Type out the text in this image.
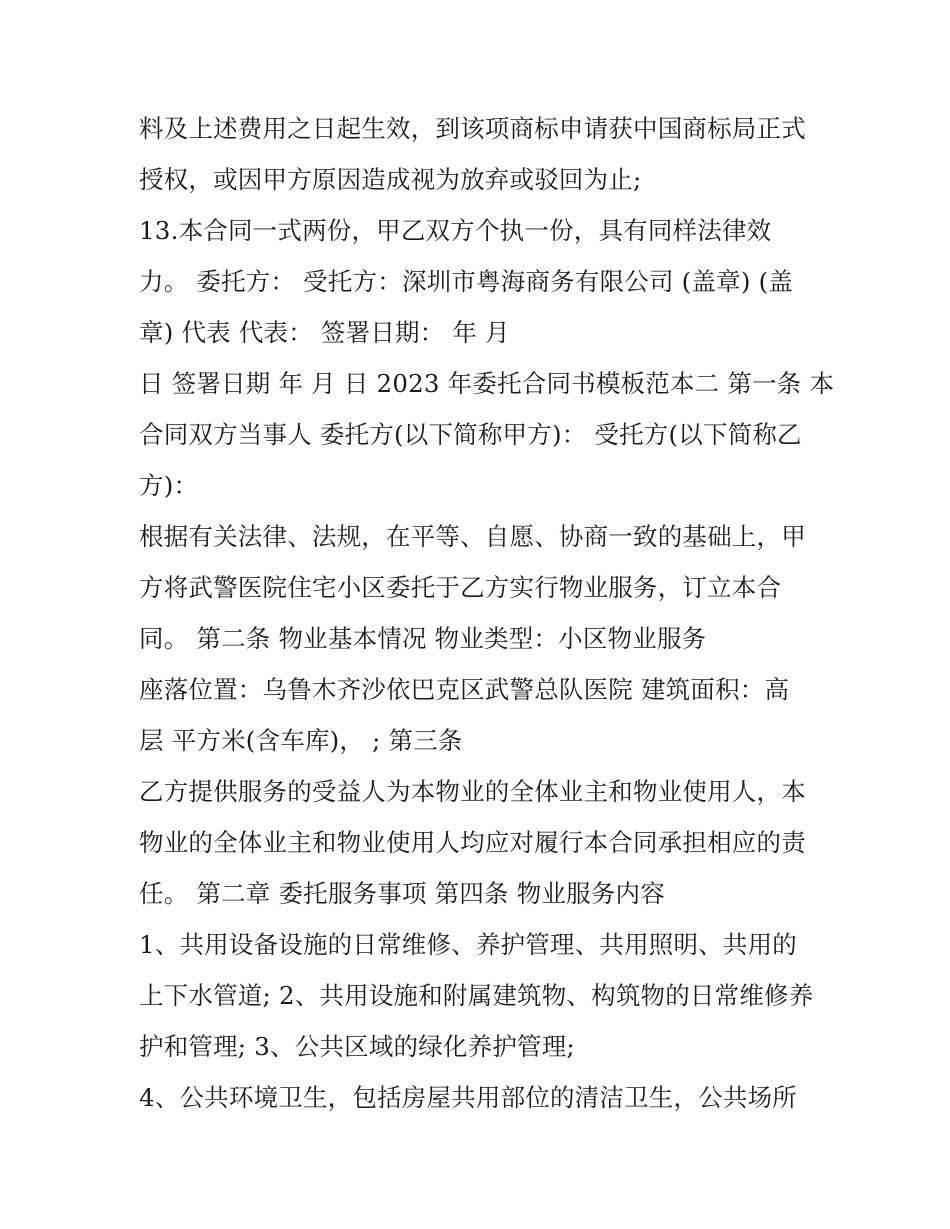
料及上述费用之日起生效，到该项商标申请获中国商标局正式
授权，或因甲方原因造成视为放弃或驳回为止;
13.本合同一式两份，甲乙双方个执一份，具有同样法律效
力。 委托方： 受托方：深圳市粤海商务有限公司 (盖章) (盖
章) 代表 代表： 签署日期： 年 月
日 签署日期 年 月 日 2023 年委托合同书模板范本二 第一条 本
合同双方当事人 委托方(以下简称甲方)： 受托方(以下简称乙
方)：
根据有关法律、法规，在平等、自愿、协商一致的基础上，甲
方将武警医院住宅小区委托于乙方实行物业服务，订立本合
同。 第二条 物业基本情况 物业类型：小区物业服务
座落位置：乌鲁木齐沙依巴克区武警总队医院 建筑面积：高
层 平方米(含车库)， ; 第三条
乙方提供服务的受益人为本物业的全体业主和物业使用人，本
物业的全体业主和物业使用人均应对履行本合同承担相应的责
任。 第二章 委托服务事项 第四条 物业服务内容
1、共用设备设施的日常维修、养护管理、共用照明、共用的
上下水管道; 2、共用设施和附属建筑物、构筑物的日常维修养
护和管理; 3、公共区域的绿化养护管理;
4、公共环境卫生，包括房屋共用部位的清洁卫生，公共场所
